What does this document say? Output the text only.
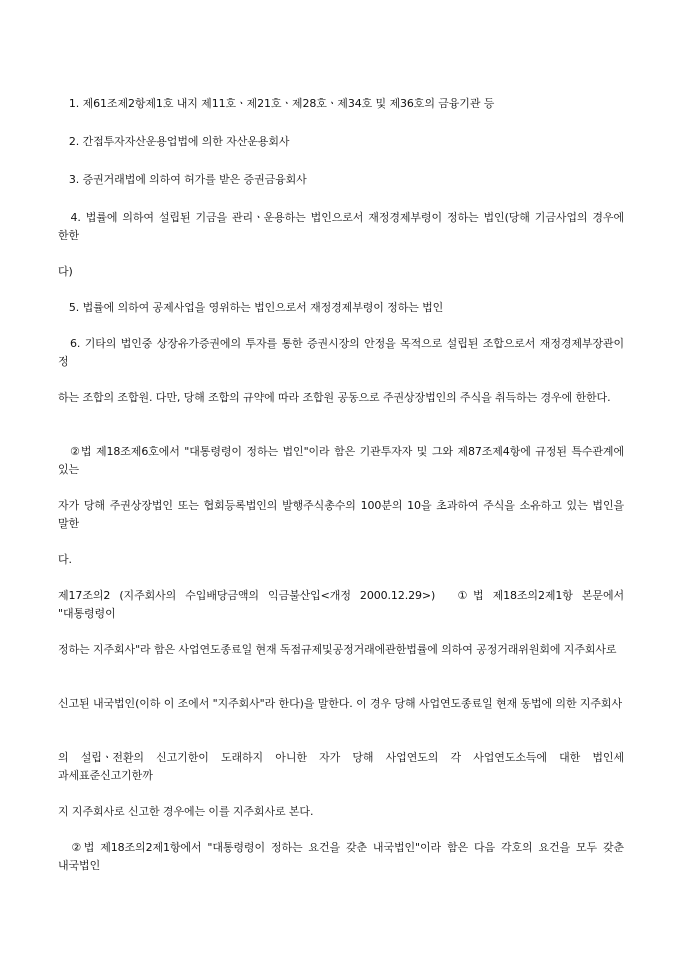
　1. 제61조제2항제1호 내지 제11호ㆍ제21호ㆍ제28호ㆍ제34호 및 제36호의 금융기관 등
　2. 간접투자자산운용업법에 의한 자산운용회사
　3. 증권거래법에 의하여 허가를 받은 증권금융회사
　4. 법률에 의하여 설립된 기금을 관리ㆍ운용하는 법인으로서 재정경제부령이 정하는 법인(당해 기금사업의 경우에 한한
다)
　5. 법률에 의하여 공제사업을 영위하는 법인으로서 재정경제부령이 정하는 법인
　6. 기타의 법인중 상장유가증권에의 투자를 통한 증권시장의 안정을 목적으로 설립된 조합으로서 재정경제부장관이 정
하는 조합의 조합원. 다만, 당해 조합의 규약에 따라 조합원 공동으로 주권상장법인의 주식을 취득하는 경우에 한한다.
　②법 제18조제6호에서 "대통령령이 정하는 법인"이라 함은 기관투자자 및 그와 제87조제4항에 규정된 특수관계에 있는
자가 당해 주권상장법인 또는 협회등록법인의 발행주식총수의 100분의 10을 초과하여 주식을 소유하고 있는 법인을 말한
다.
제17조의2 (지주회사의 수입배당금액의 익금불산입<개정 2000.12.29>)　①법 제18조의2제1항 본문에서 "대통령령이
정하는 지주회사"라 함은 사업연도종료일 현재 독점규제및공정거래에관한법률에 의하여 공정거래위원회에 지주회사로
신고된 내국법인(이하 이 조에서 "지주회사"라 한다)을 말한다. 이 경우 당해 사업연도종료일 현재 동법에 의한 지주회사
의 설립ㆍ전환의 신고기한이 도래하지 아니한 자가 당해 사업연도의 각 사업연도소득에 대한 법인세 과세표준신고기한까
지 지주회사로 신고한 경우에는 이를 지주회사로 본다.
　②법 제18조의2제1항에서 "대통령령이 정하는 요건을 갖춘 내국법인"이라 함은 다음 각호의 요건을 모두 갖춘 내국법인
